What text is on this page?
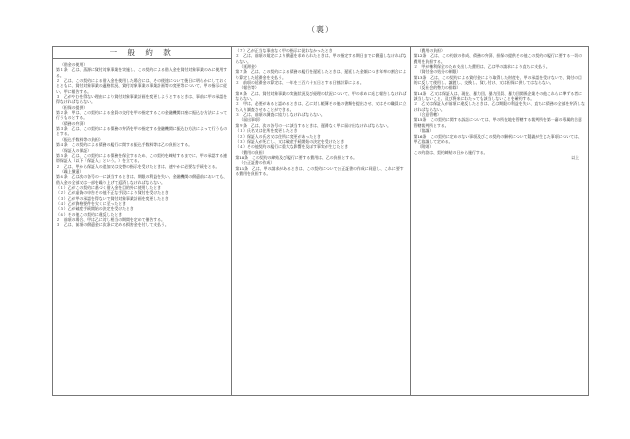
（裏）
一 般 約 款

（借金の使用）

第１条　乙は、蒸源に貸付対象事業を実施し、この契約による借入金を貸付対象事業のみに使用する。

２　乙は、この契約による借入金を使用した場合には、その使途について後日に明らかにしておくとともに、貸付対象事業の適格状況、貸付対象事業の事業計画等の変更等について、甲の指示に従い、甲に報告する。

３　乙がやむを得ない理由により貸付対象事業計画を変更しようとするときは、事前に甲の承認を得なければならない。

（担保の提供）

第２条　甲は、この契約による金員の交付を甲の指定するこの金融機関口座に振込む方法によって行うものとする。

（債務の弁済）

第３条　乙は、この契約による債務の弁済を甲の指定する金融機関に振込む方法によって行うものとする。

（振込手数料等の負担）

第４条　この契約による債務の履行に関する振込手数料等は乙の負担とする。

（保証人の保証）

第５条　乙は、この契約による債務を保全するため、この契約を締結するまでに、甲の承認する連帯保証人（以下「保証人」という。）を立てる。

２　乙は、甲から保証人の追加又は交替の指示を受けたときは、速やかに必要な手続をとる。

（繰上償還）

第６条　乙は次の各号の一に該当するときは、期限の利益を失い、金融機関の償還前においても、借入金の全部又は一部を繰り上げて返済しなければならない。

（１）乙がこの契約に基づく借入金を目的外に使用したとき

（２）乙が虚偽の申告その他不正な手段により貸付を受けたとき

（３）乙が甲の承認を得ないで貸付対象事業計画を変更したとき

（４）乙が資格要件を欠くに至ったとき

（５）乙が破産手続開始の決定を受けたとき

（６）その他この契約に違反したとき

２　前項の場合、甲は乙に対し相当の期間を定めて催告する。

３　乙は、前項の償還金に次条に定める損害金を付して支払う。

（７）乙が正当な事由なく甲の指示に従わなかったとき

２　乙は、前項の規定により償還を求められたときは、甲の指定する期日までに償還しなければならない。

（延滞金）

第７条　乙は、この契約による債務の履行を遅延したときは、遅延した金額につき年率の割合により算定した延滞金を支払う。

２　前項の延滞金の算定は、一年を三百六十五日とする日割計算による。

（報告等）

第８条　乙は、貸付対象事業の実施状況及び経理の状況について、甲の求めに応じ報告しなければならない。

２　甲は、必要があると認めるときは、乙に対し帳簿その他の書類を提出させ、又はその職員に立ち入り調査させることができる。

３　乙は、前項の調査に協力しなければならない。

（届出事項）

第９条　乙は、次の各号の一に該当するときは、遅滞なく甲に届け出なければならない。

（１）氏名又は住所を変更したとき

（２）保証人の氏名又は住所に変更があったとき

（３）保証人が死亡し、又は破産手続開始の決定を受けたとき

（４）その他契約の履行に重大な影響を及ぼす事実が生じたとき

（費用の負担）

第10条　この契約の締結及び履行に要する費用は、乙の負担とする。

（公正証書の作成）

第11条　乙は、甲の請求があるときは、この契約について公正証書の作成に同意し、これに要する費用を負担する。

（費用の負担）

第12条　乙は、この約款の作成、債務の弁済、担保の提供その他この契約の履行に要する一切の費用を負担する。

２　甲が権利保全のため支出した費用は、乙は甲の請求により直ちに支払う。

（貸付金の処分の制限）

第13条　乙は、この契約による貸付金により取得した財産を、甲の承認を受けないで、貸付の目的に反して使用し、譲渡し、交換し、貸し付け、又は担保に供してはならない。

（反社会的勢力の排除）

第14条　乙又は保証人は、現在、暴力団、暴力団員、暴力団関係企業その他これらに準ずる者に該当しないこと、及び将来にわたっても該当しないことを確約する。

２　乙又は保証人が前項に違反したときは、乙は期限の利益を失い、直ちに債務の全部を弁済しなければならない。

（合意管轄）

第15条　この契約に関する訴訟については、甲の所在地を管轄する裁判所を第一審の専属的合意管轄裁判所とする。

（協議）

第16条　この契約に定めのない事項及びこの契約の解釈について疑義が生じた事項については、甲乙協議して定める。

（附則）

この約款は、契約締結の日から施行する。

以上
